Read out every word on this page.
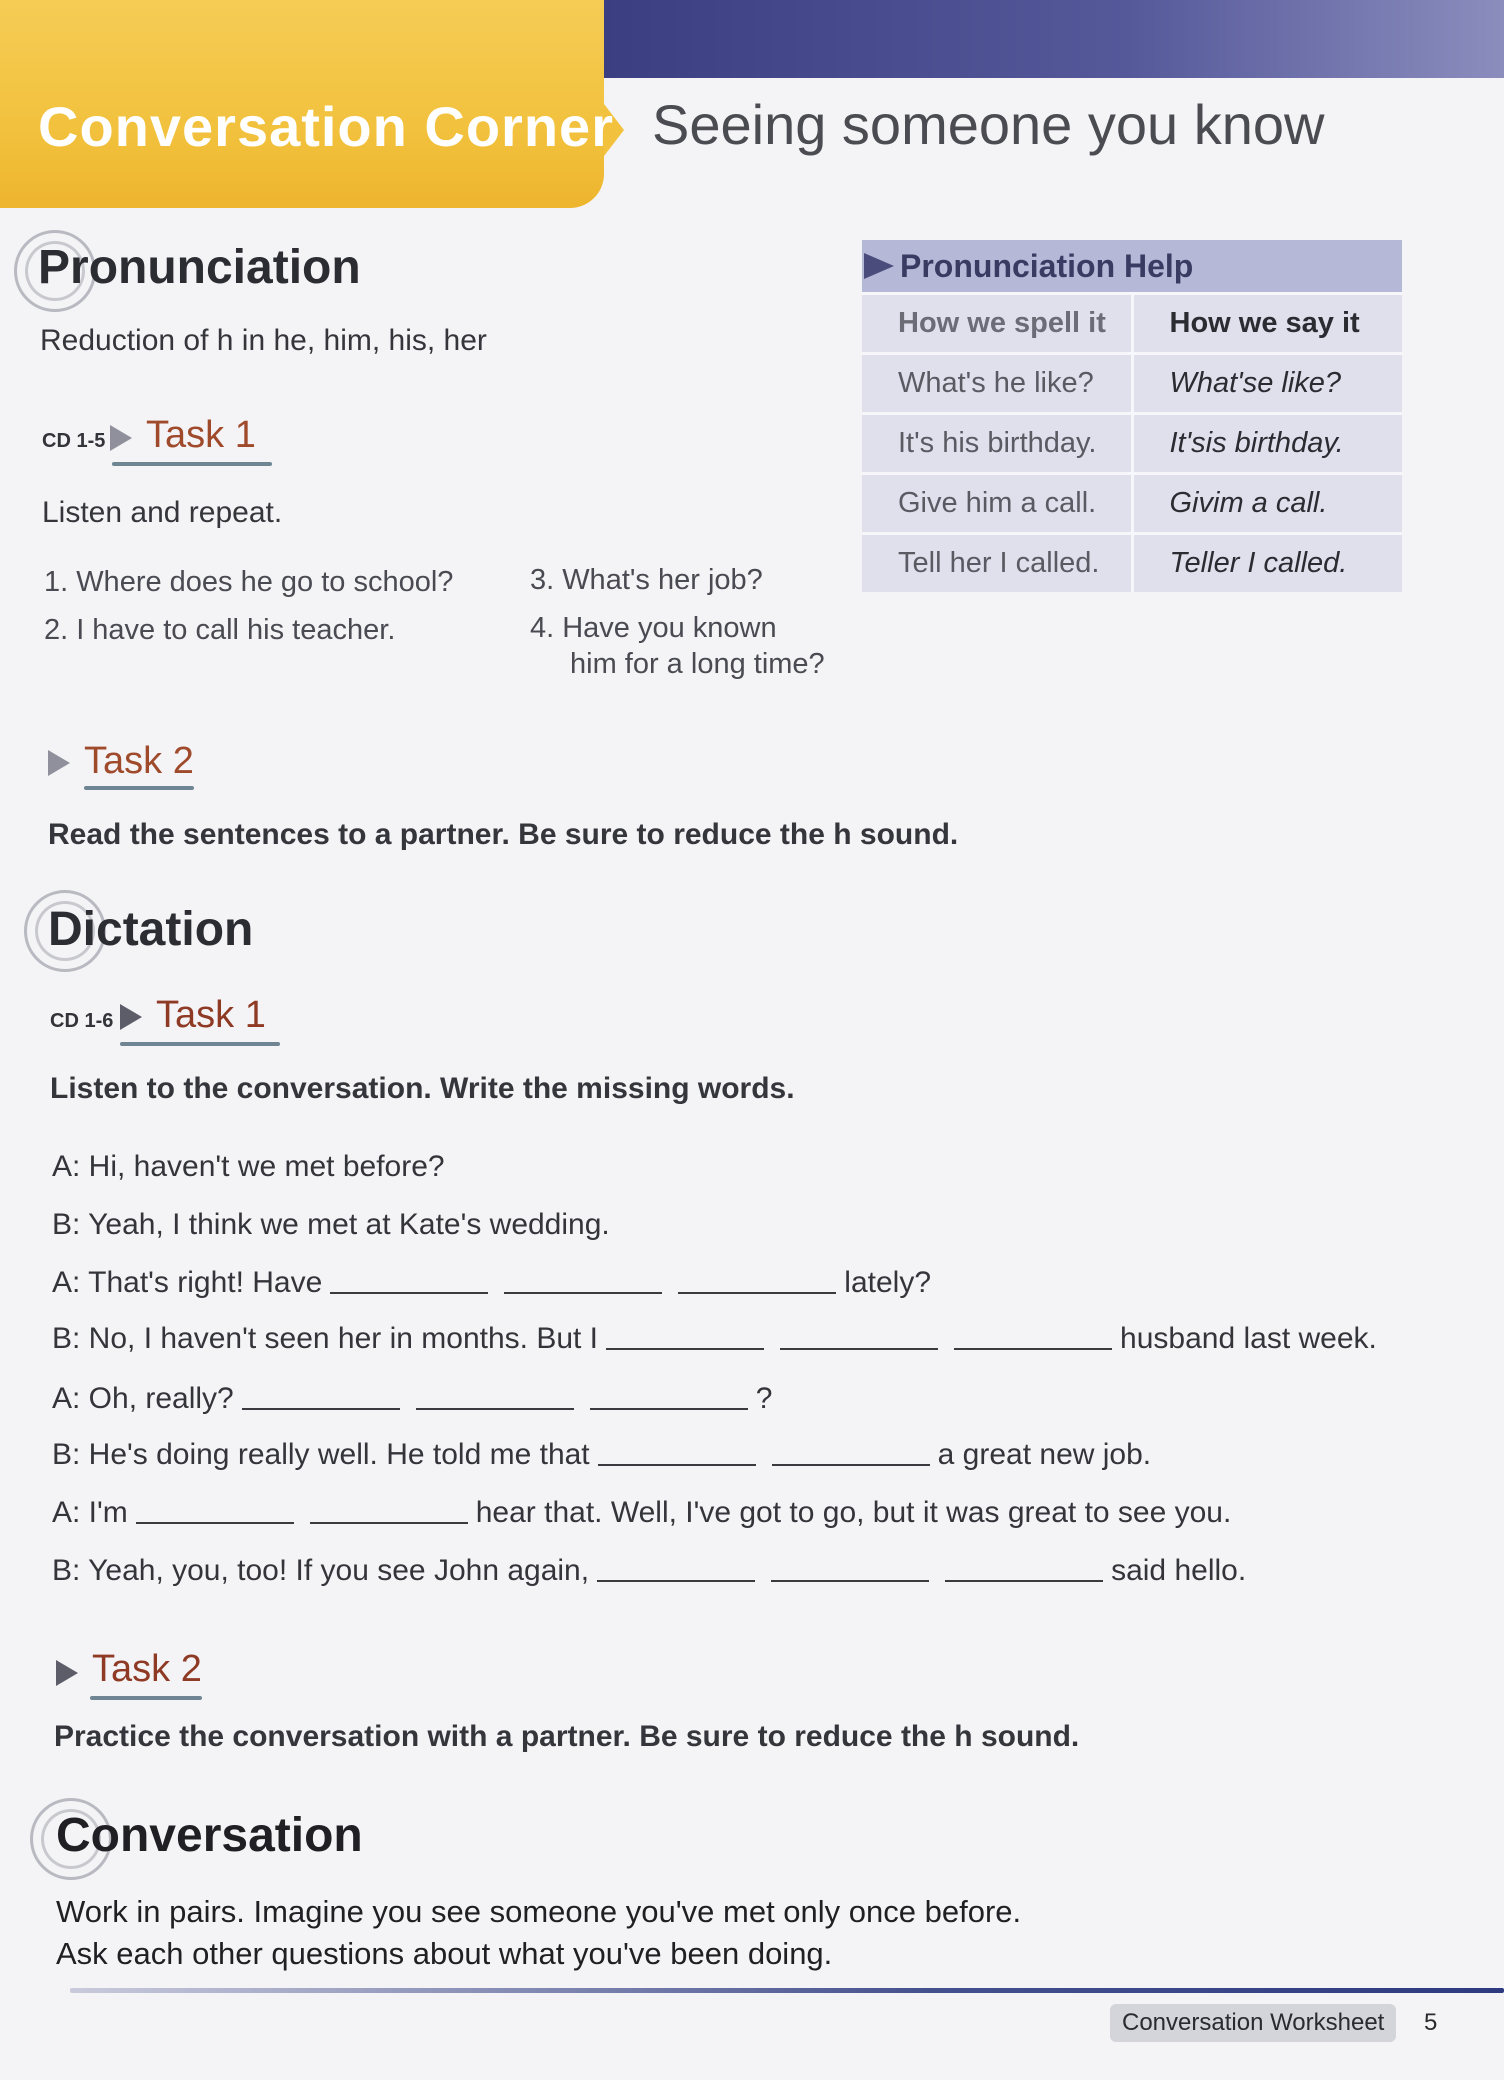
Conversation Corner Seeing someone you know
Pronunciation
Reduction of h in he, him, his, her
CD 1-5 Task 1
Listen and repeat.
1. Where does he go to school?
2. I have to call his teacher.
3. What's her job?
4. Have you known
him for a long time?
Pronunciation Help
How we spell it	How we say it
What's he like?	What'se like?
It's his birthday.	It'sis birthday.
Give him a call.	Givim a call.
Tell her I called.	Teller I called.
Task 2
Read the sentences to a partner. Be sure to reduce the h sound.
Dictation
CD 1-6 Task 1
Listen to the conversation. Write the missing words.
A: Hi, haven't we met before?
B: Yeah, I think we met at Kate's wedding.
A: That's right! Have	lately?
B: No, I haven't seen her in months. But I	husband last week.
A: Oh, really?	?
B: He's doing really well. He told me that	a great new job.
A: I'm	hear that. Well, I've got to go, but it was great to see you.
B: Yeah, you, too! If you see John again,	said hello.
Task 2
Practice the conversation with a partner. Be sure to reduce the h sound.
Conversation
Work in pairs. Imagine you see someone you've met only once before.
Ask each other questions about what you've been doing.
Conversation Worksheet	5
